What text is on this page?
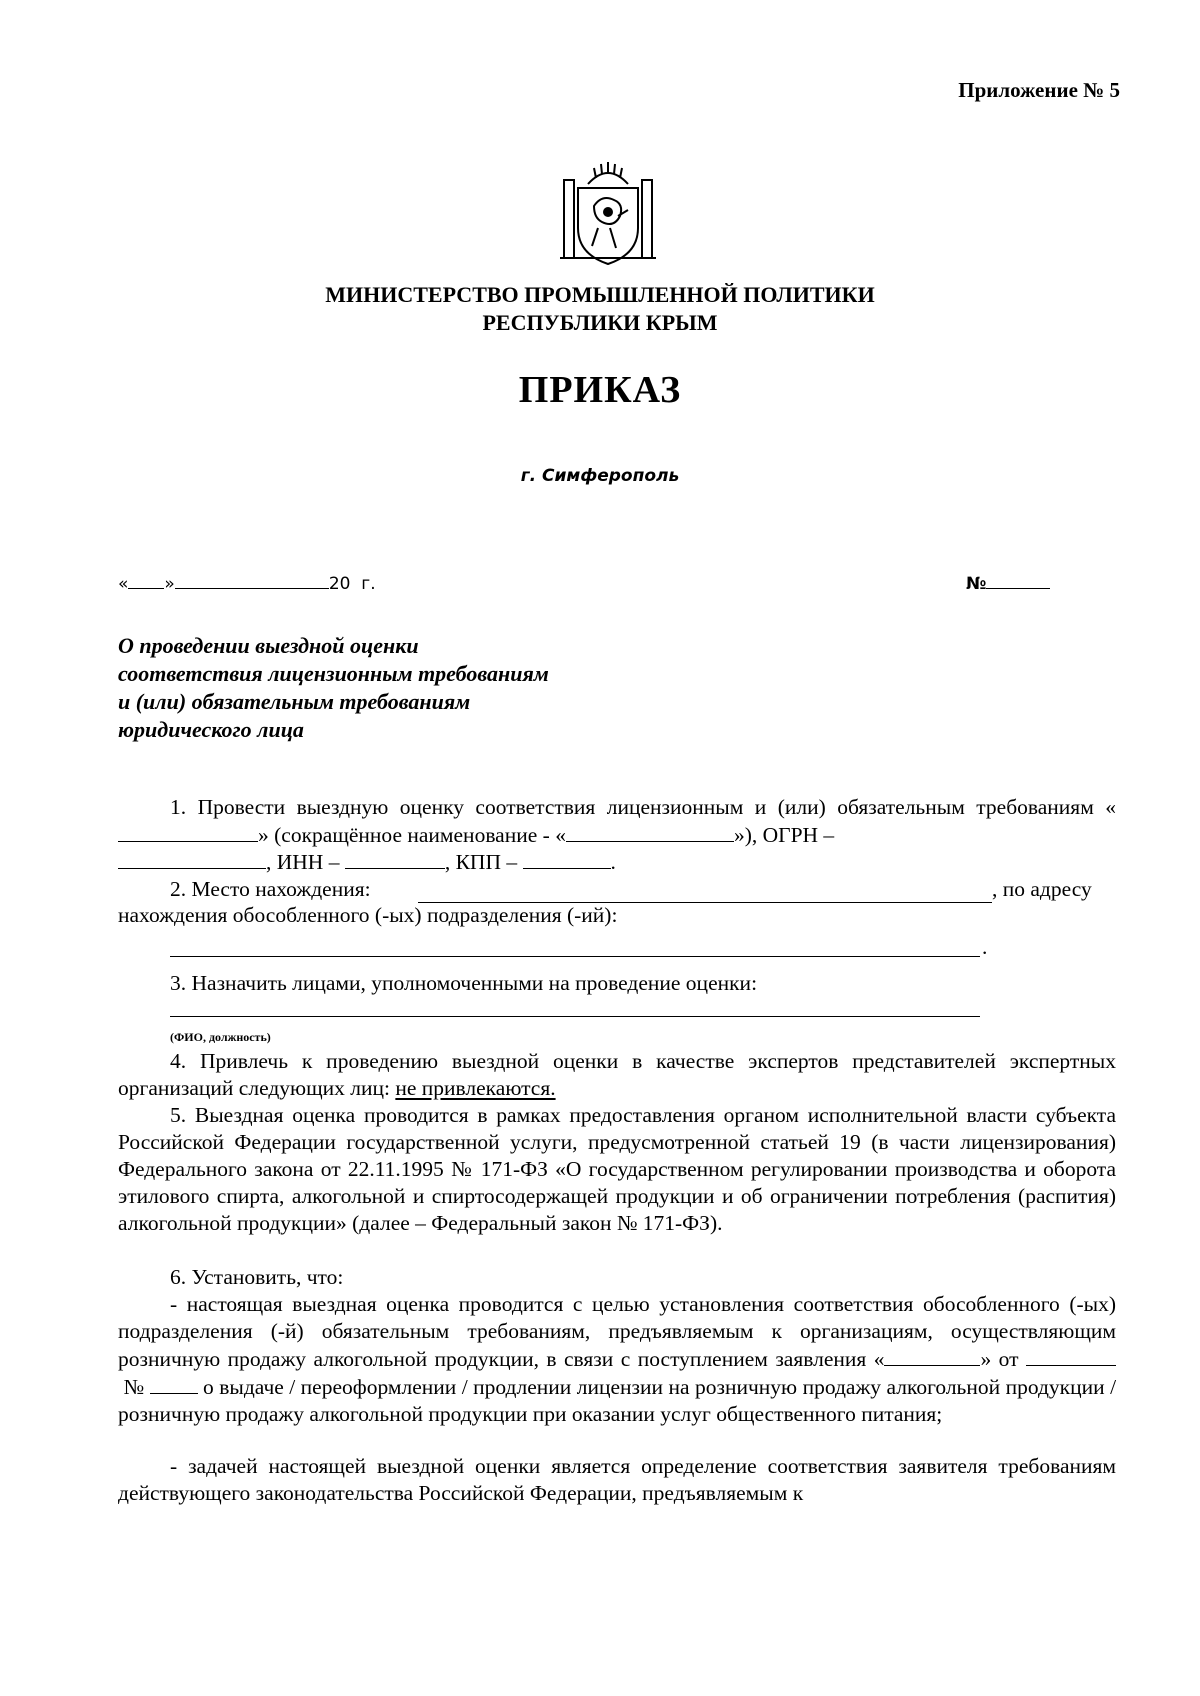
Приложение № 5
МИНИСТЕРСТВО ПРОМЫШЛЕННОЙ ПОЛИТИКИ
РЕСПУБЛИКИ КРЫМ
ПРИКАЗ
г. Симферополь
« »	20 г.	№
О проведении выездной оценки
соответствия лицензионным требованиям
и (или) обязательным требованиям
юридического лица
1. Провести выездную оценку соответствия лицензионным и (или) обязательным требованиям «» (сокращённое наименование - «	»), ОГРН –
, ИНН –	, КПП –	.
2. Место нахождения:	, по адресу
нахождения обособленного (-ых) подразделения (-ий):
.
3. Назначить лицами, уполномоченными на проведение оценки:
(ФИО, должность)
4. Привлечь к проведению выездной оценки в качестве экспертов представителей экспертных организаций следующих лиц: не привлекаются.
5. Выездная оценка проводится в рамках предоставления органом исполнительной власти субъекта Российской Федерации государственной услуги, предусмотренной статьей 19 (в части лицензирования) Федерального закона от 22.11.1995 № 171-ФЗ «О государственном регулировании производства и оборота этилового спирта, алкогольной и спиртосодержащей продукции и об ограничении потребления (распития) алкогольной продукции» (далее – Федеральный закон № 171-ФЗ).
6. Установить, что:
- настоящая выездная оценка проводится с целью установления соответствия обособленного (-ых) подразделения (-й) обязательным требованиям, предъявляемым к организациям, осуществляющим розничную продажу алкогольной продукции, в связи с поступлением заявления «	» от  №	о выдаче / переоформлении / продлении лицензии на розничную продажу алкогольной продукции / розничную продажу алкогольной продукции при оказании услуг общественного питания;
- задачей настоящей выездной оценки является определение соответствия заявителя требованиям действующего законодательства Российской Федерации, предъявляемым к
